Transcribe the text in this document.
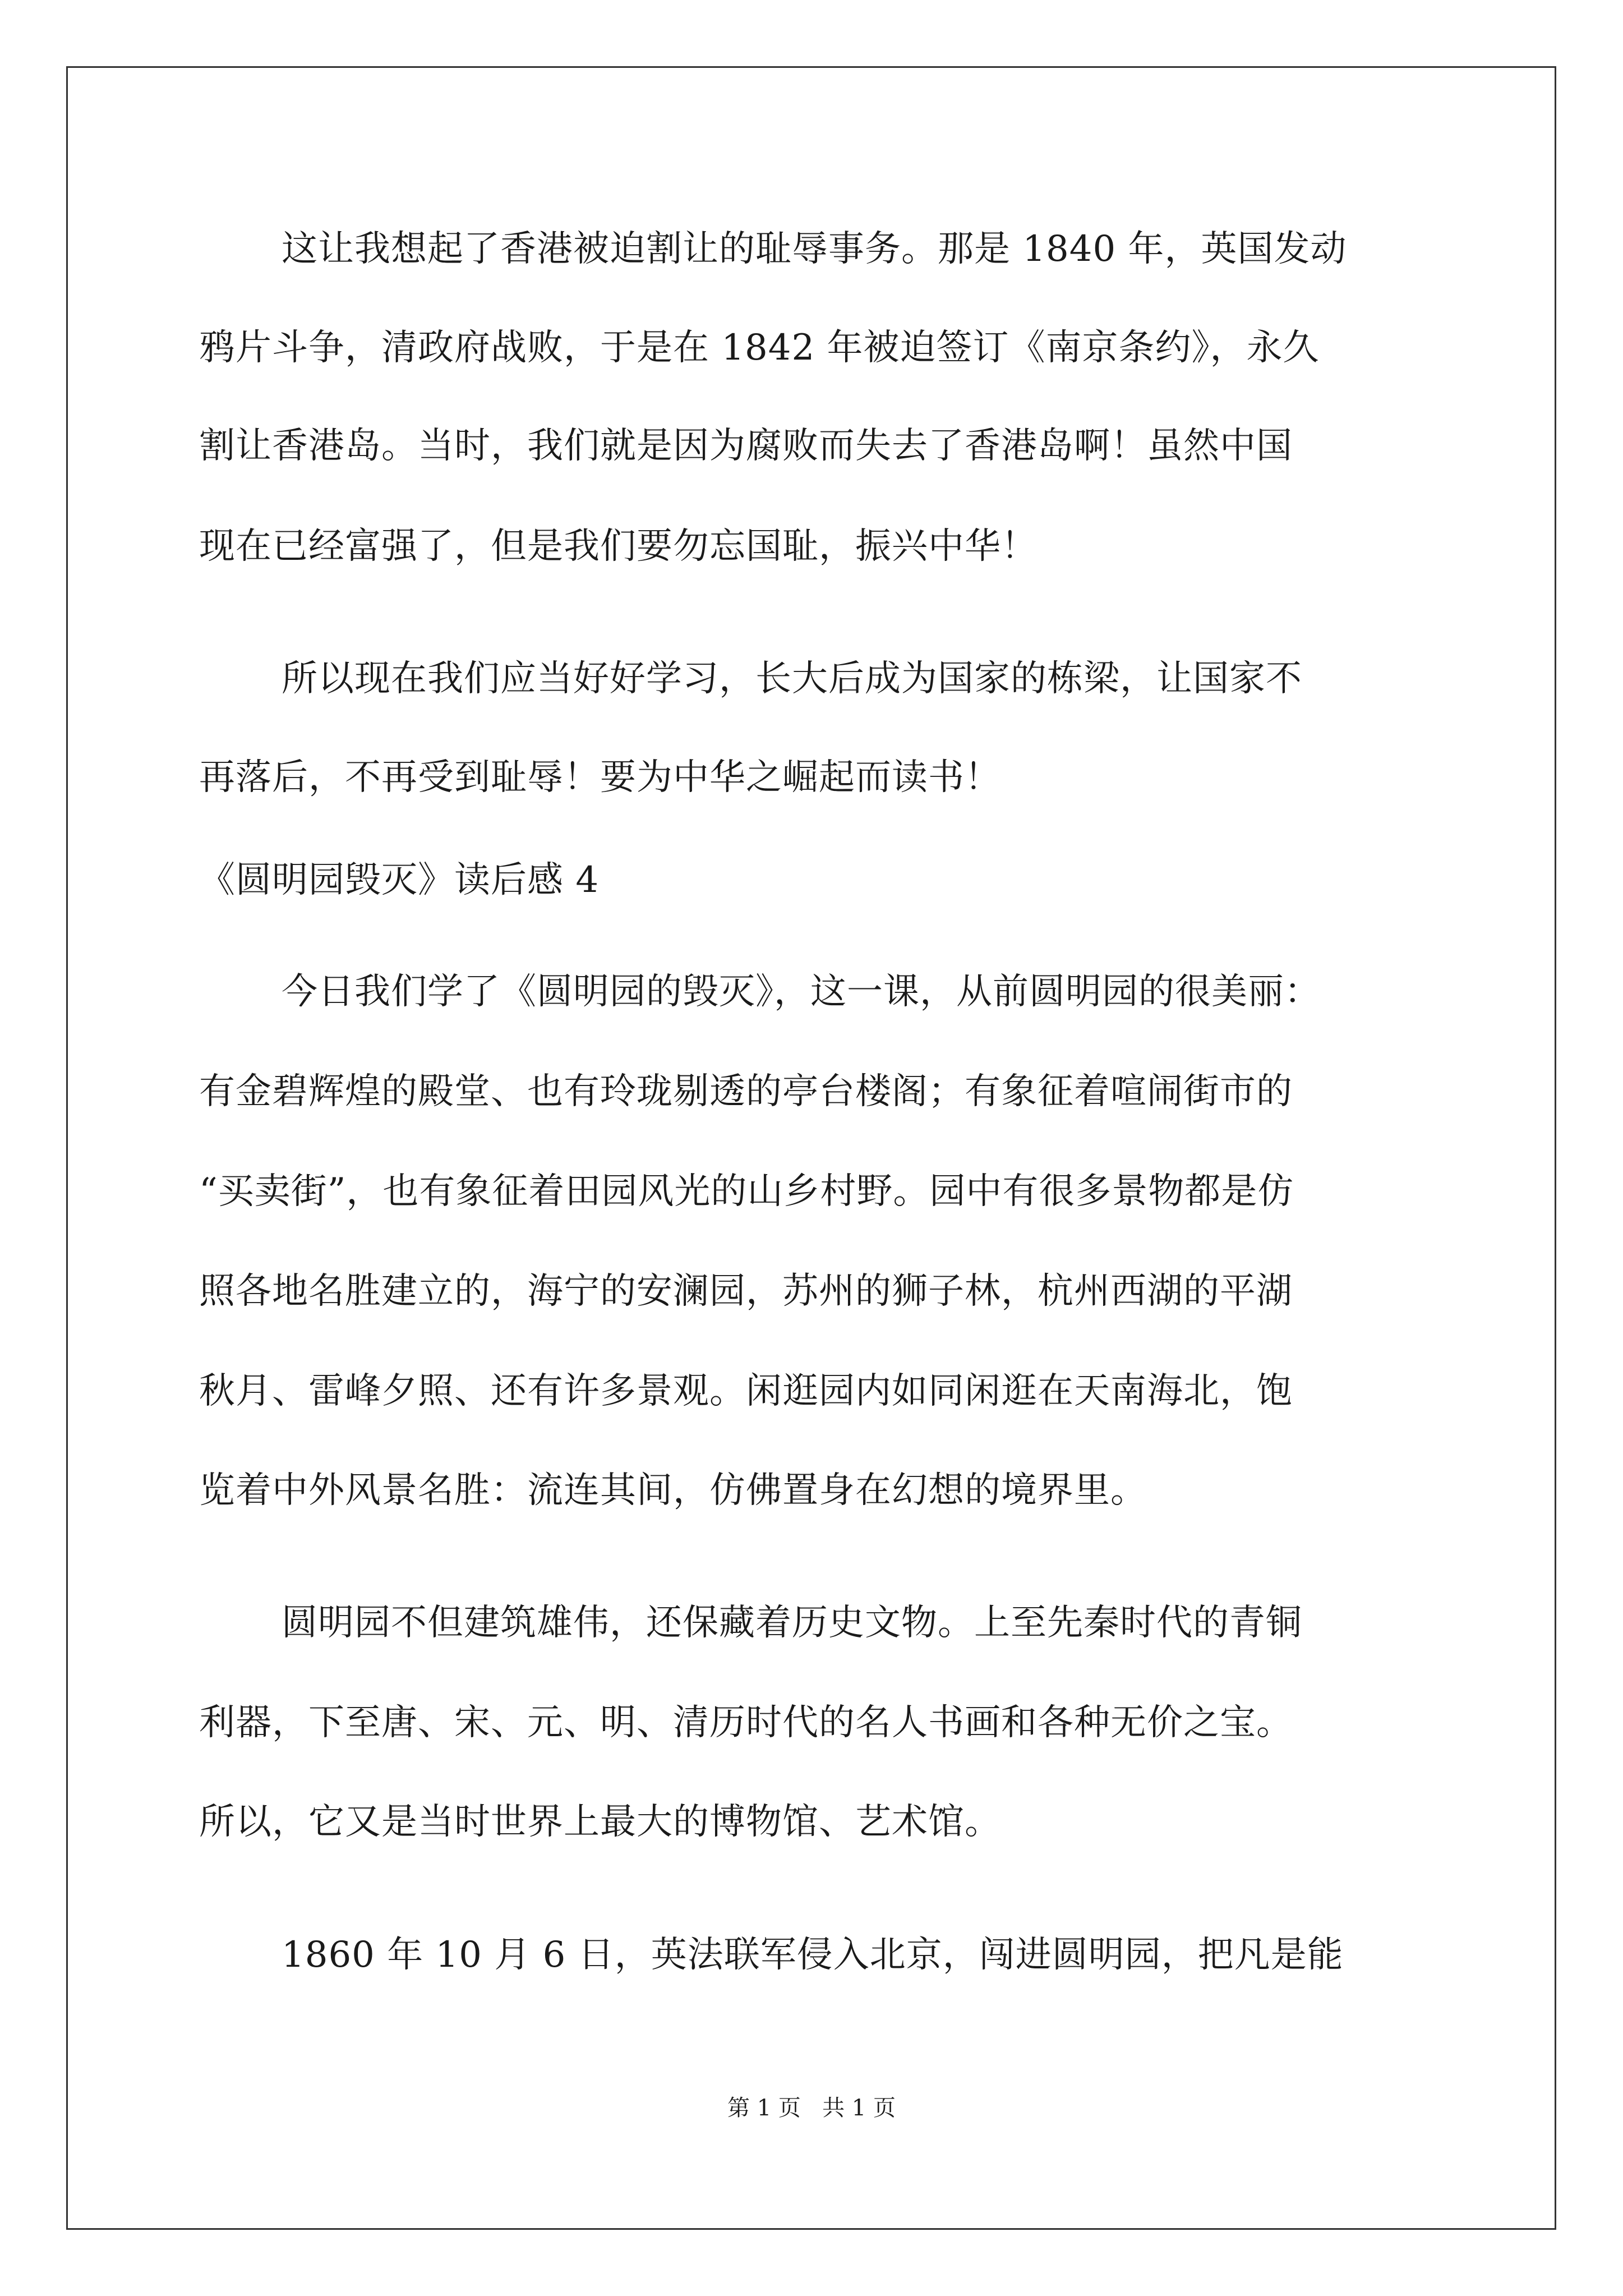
这让我想起了香港被迫割让的耻辱事务。那是 1840 年，英国发动
鸦片斗争，清政府战败，于是在 1842 年被迫签订《南京条约》，永久
割让香港岛。当时，我们就是因为腐败而失去了香港岛啊！虽然中国
现在已经富强了，但是我们要勿忘国耻，振兴中华！
所以现在我们应当好好学习，长大后成为国家的栋梁，让国家不
再落后，不再受到耻辱！要为中华之崛起而读书！
《圆明园毁灭》读后感 4
今日我们学了《圆明园的毁灭》，这一课，从前圆明园的很美丽：
有金碧辉煌的殿堂、也有玲珑剔透的亭台楼阁；有象征着喧闹街市的
“买卖街”，也有象征着田园风光的山乡村野。园中有很多景物都是仿
照各地名胜建立的，海宁的安澜园，苏州的狮子林，杭州西湖的平湖
秋月、雷峰夕照、还有许多景观。闲逛园内如同闲逛在天南海北，饱
览着中外风景名胜：流连其间，仿佛置身在幻想的境界里。
圆明园不但建筑雄伟，还保藏着历史文物。上至先秦时代的青铜
利器，下至唐、宋、元、明、清历时代的名人书画和各种无价之宝。
所以，它又是当时世界上最大的博物馆、艺术馆。
1860 年 10 月 6 日，英法联军侵入北京，闯进圆明园，把凡是能
第 1 页   共 1 页
